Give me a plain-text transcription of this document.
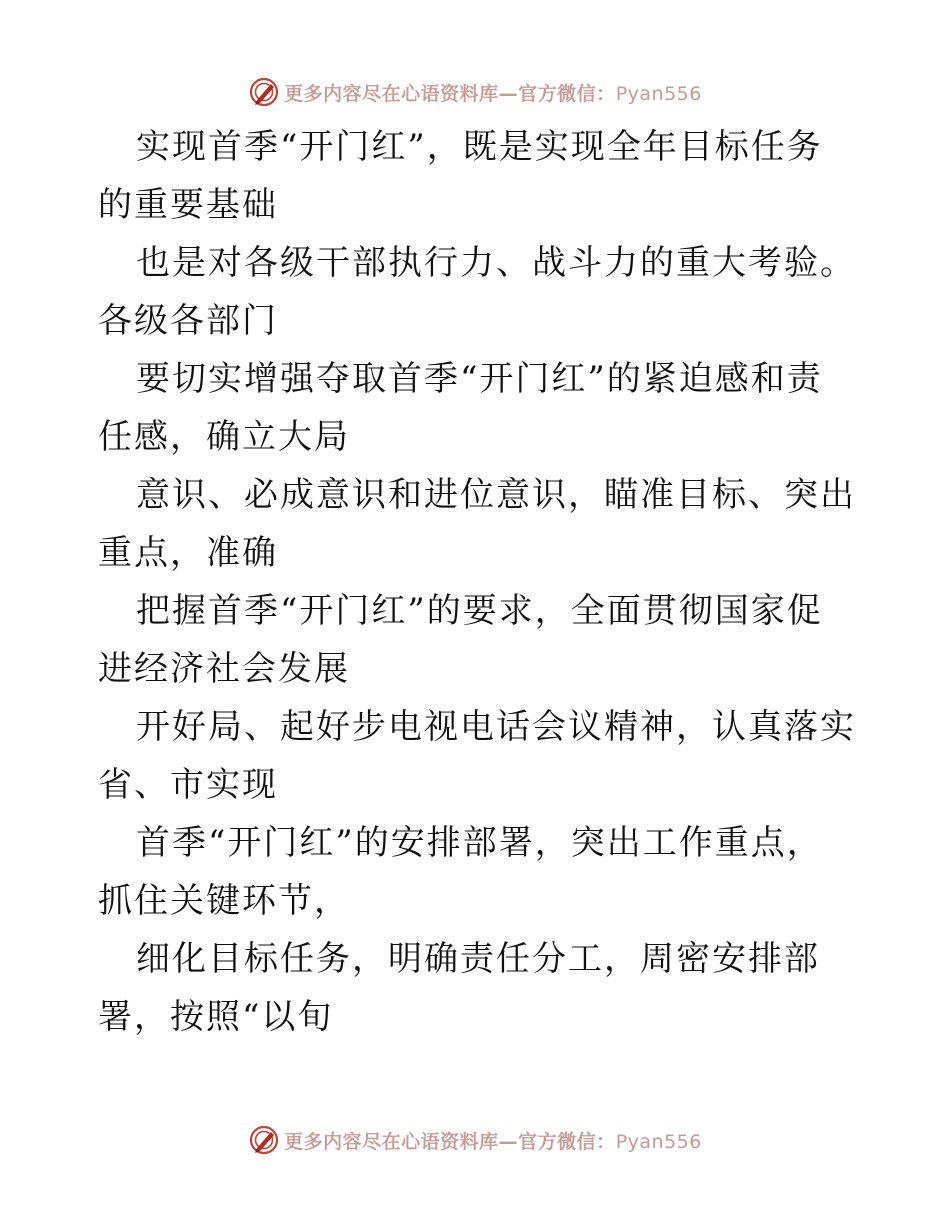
更多内容尽在心语资料库—官方微信：Pyan556

实现首季“开门红”，既是实现全年目标任务的重要基础

也是对各级干部执行力、战斗力的重大考验。各级各部门

要切实增强夺取首季“开门红”的紧迫感和责任感，确立大局

意识、必成意识和进位意识，瞄准目标、突出重点，准确

把握首季“开门红”的要求，全面贯彻国家促进经济社会发展

开好局、起好步电视电话会议精神，认真落实省、市实现

首季“开门红”的安排部署，突出工作重点，抓住关键环节，

细化目标任务，明确责任分工，周密安排部署，按照“以旬

更多内容尽在心语资料库—官方微信：Pyan556
